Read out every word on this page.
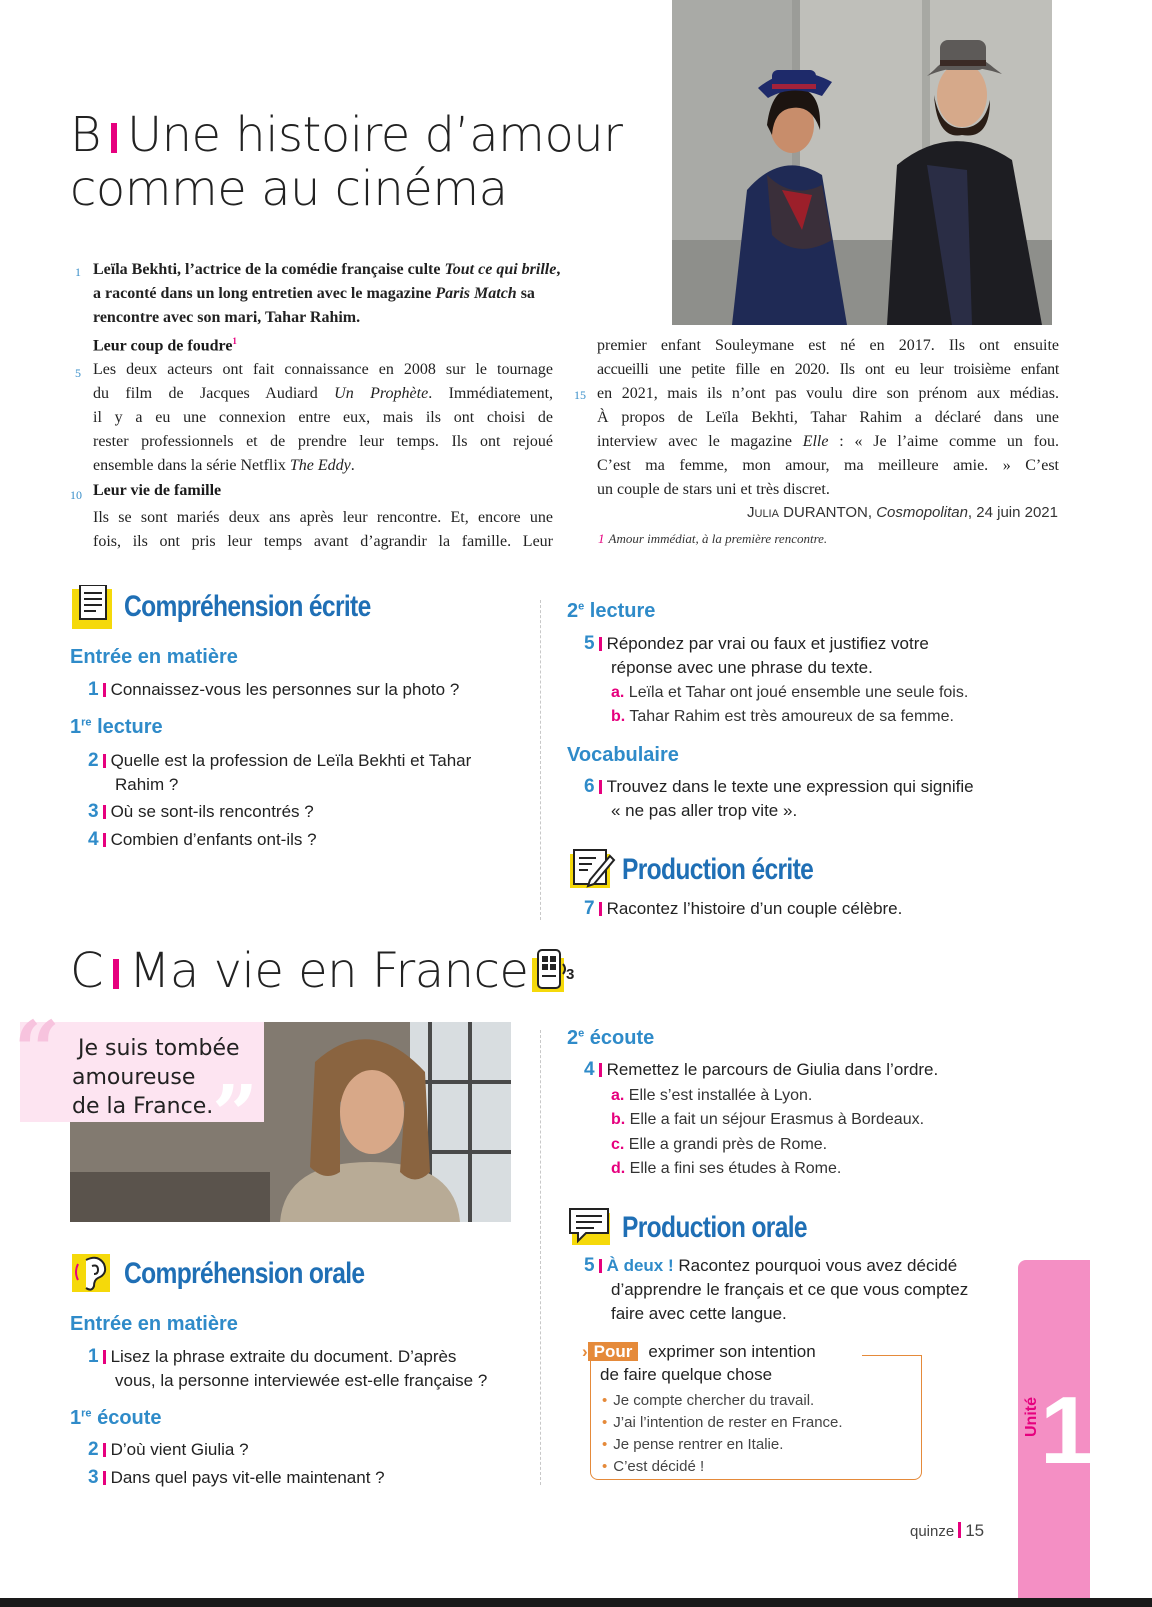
B Une histoire d’amour
comme au cinéma
1 Leïla Bekhti, l’actrice de la comédie française culte Tout ce qui brille,
a raconté dans un long entretien avec le magazine Paris Match sa
rencontre avec son mari, Tahar Rahim.
Leur coup de foudre$^1$
5 Les deux acteurs ont fait connaissance en 2008 sur le tournage
du film de Jacques Audiard Un Prophète. Immédiatement,
il y a eu une connexion entre eux, mais ils ont choisi de
rester professionnels et de prendre leur temps. Ils ont rejoué
ensemble dans la série Netflix The Eddy.
10 Leur vie de famille
Ils se sont mariés deux ans après leur rencontre. Et, encore une
fois, ils ont pris leur temps avant d’agrandir la famille. Leur
15
premier enfant Souleymane est né en 2017. Ils ont ensuite
accueilli une petite fille en 2020. Ils ont eu leur troisième enfant
en 2021, mais ils n’ont pas voulu dire son prénom aux médias.
À propos de Leïla Bekhti, Tahar Rahim a déclaré dans une
interview avec le magazine Elle : « Je l’aime comme un fou.
C’est ma femme, mon amour, ma meilleure amie. » C’est
un couple de stars uni et très discret.
Julia DURANTON, Cosmopolitan, 24 juin 2021
1 Amour immédiat, à la première rencontre.
Compréhension écrite
Entrée en matière
1 Connaissez-vous les personnes sur la photo ?
1re lecture
2 Quelle est la profession de Leïla Bekhti et Tahar
Rahim ?
3 Où se sont-ils rencontrés ?
4 Combien d’enfants ont-ils ?
2e lecture
5 Répondez par vrai ou faux et justifiez votre
réponse avec une phrase du texte.
a. Leïla et Tahar ont joué ensemble une seule fois.
b. Tahar Rahim est très amoureux de sa femme.
Vocabulaire
6 Trouvez dans le texte une expression qui signifie
« ne pas aller trop vite ».
Production écrite
7 Racontez l’histoire d’un couple célèbre.
C Ma vie en France	3
“
”
Je suis tombée
amoureuse
de la France.
Compréhension orale
Entrée en matière
1 Lisez la phrase extraite du document. D’après
vous, la personne interviewée est-elle française ?
1re écoute
2 D’où vient Giulia ?
3 Dans quel pays vit-elle maintenant ?
2e écoute
4 Remettez le parcours de Giulia dans l’ordre.
a. Elle s’est installée à Lyon.
b. Elle a fait un séjour Erasmus à Bordeaux.
c. Elle a grandi près de Rome.
d. Elle a fini ses études à Rome.
Production orale
5 À deux ! Racontez pourquoi vous avez décidé
d’apprendre le français et ce que vous comptez
faire avec cette langue.
› Pour exprimer son intention
de faire quelque chose
• Je compte chercher du travail.
• J’ai l’intention de rester en France.
• Je pense rentrer en Italie.
• C’est décidé !
Unité 1
quinze 15
